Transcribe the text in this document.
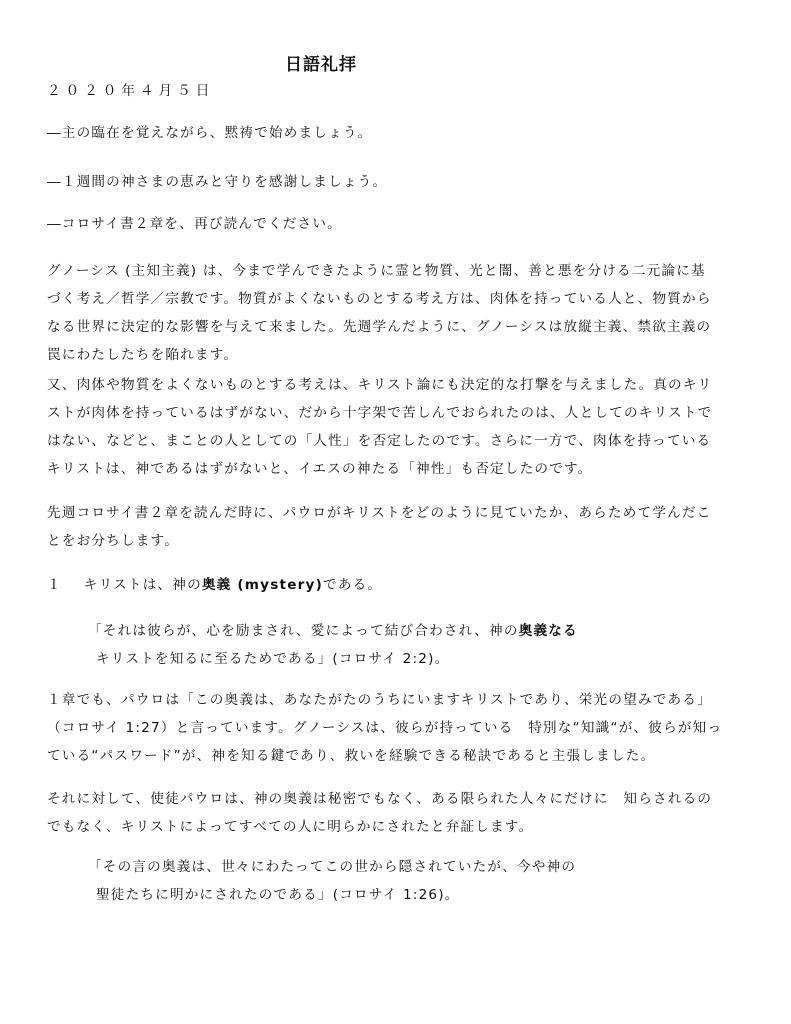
日語礼拝
２０２０年４月５日
―主の臨在を覚えながら、黙祷で始めましょう。
―１週間の神さまの恵みと守りを感謝しましょう。
―コロサイ書２章を、再び読んでください。

グノーシス (主知主義) は、今まで学んできたように霊と物質、光と闇、善と悪を分ける二元論に基

づく考え／哲学／宗教です。物質がよくないものとする考え方は、肉体を持っている人と、物質から

なる世界に決定的な影響を与えて来ました。先週学んだように、グノーシスは放縦主義、禁欲主義の

罠にわたしたちを陥れます。

又、肉体や物質をよくないものとする考えは、キリスト論にも決定的な打撃を与えました。真のキリ

ストが肉体を持っているはずがない、だから十字架で苦しんでおられたのは、人としてのキリストで

はない、などと、まことの人としての「人性」を否定したのです。さらに一方で、肉体を持っている

キリストは、神であるはずがないと、イエスの神たる「神性」も否定したのです。

先週コロサイ書２章を読んだ時に、パウロがキリストをどのように見ていたか、あらためて学んだこ

とをお分ちします。

１ キリストは、神の奥義 (mystery)である。

「それは彼らが、心を励まされ、愛によって結び合わされ、神の奥義なる

キリストを知るに至るためである」(コロサイ 2:2)。

１章でも、パウロは「この奥義は、あなたがたのうちにいますキリストであり、栄光の望みである」

（コロサイ 1:27）と言っています。グノーシスは、彼らが持っている　特別な“知識“が、彼らが知っ

ている“パスワード”が、神を知る鍵であり、救いを経験できる秘訣であると主張しました。

それに対して、使徒パウロは、神の奥義は秘密でもなく、ある限られた人々にだけに　知らされるの

でもなく、キリストによってすべての人に明らかにされたと弁証します。

「その言の奥義は、世々にわたってこの世から隠されていたが、今や神の

聖徒たちに明かにされたのである」(コロサイ 1:26)。
